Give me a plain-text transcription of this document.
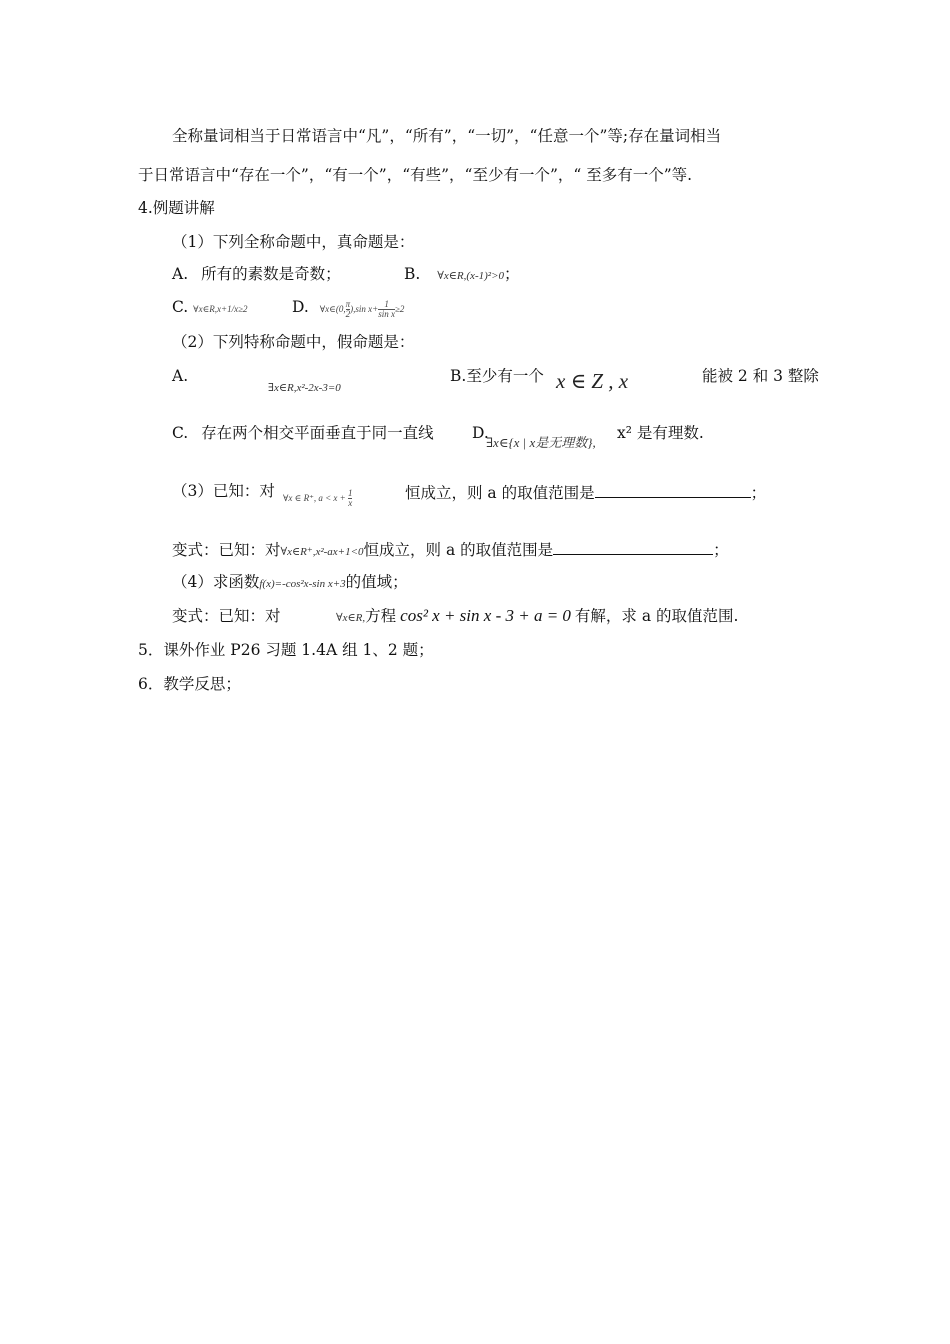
全称量词相当于日常语言中“凡”，“所有”，“一切”，“任意一个”等;存在量词相当
于日常语言中“存在一个”，“有一个”，“有些”，“至少有一个”，“ 至多有一个”等.
4.例题讲解
（1）下列全称命题中，真命题是：
A. 所有的素数是奇数；	B. ∀x∈R,(x-1)²>0；
C. ∀x∈R,x+1/x≥2	D. ∀x∈(0, $\frac{\pi}{2} ),\sin$ $x+ \frac{1}{\text{sin x}} \ge 2$
（2）下列特称命题中，假命题是：
A.
∃x∈R,x²-2x-3=0
B.至少有一个 x ∈ Z , x	能被 2 和 3 整除
C. 存在两个相交平面垂直于同一直线 D.
∃x∈{x | x是无理数},
x² 是有理数.
（3）已知：对 ∀x ∈ R⁺, $a < x + \frac{1}{x}$	恒成立，则 a 的取值范围是	；
变式：已知：对∀x∈R⁺,x²-ax+1<0恒成立，则 a 的取值范围是	；
（4）求函数f(x)=-cos²x-sin x+3的值域；
变式：已知：对	∀x∈R,方程 cos² x + sin x - 3 + a = 0 有解，求 a 的取值范围.
5．课外作业 P26 习题 1.4A 组 1、2 题；
6．教学反思；
